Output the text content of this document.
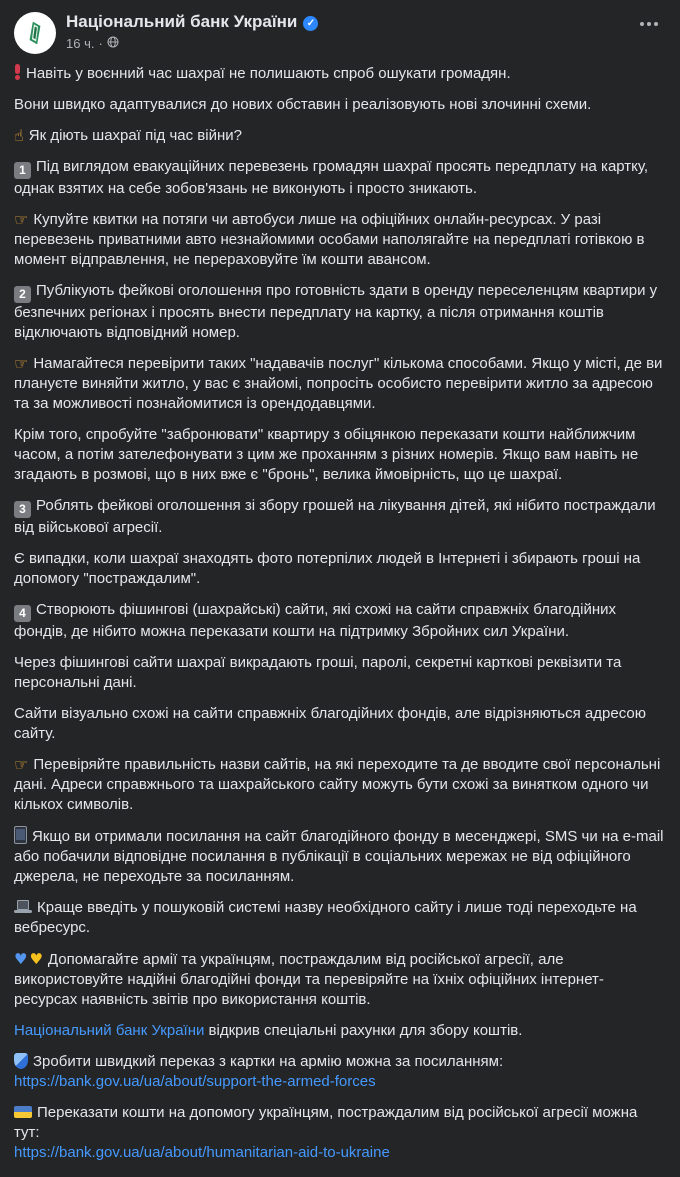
Національний банк України ✓
16 ч. ·

Навіть у воєнний час шахраї не полишають спроб ошукати громадян.

Вони швидко адаптувалися до нових обставин і реалізовують нові злочинні схеми.

☝ Як діють шахраї під час війни?

1 Під виглядом евакуаційних перевезень громадян шахраї просять передплату на картку, однак взятих на себе зобов'язань не виконують і просто зникають.

☞ Купуйте квитки на потяги чи автобуси лише на офіційних онлайн-ресурсах. У разі перевезень приватними авто незнайомими особами наполягайте на передплаті готівкою в момент відправлення, не перераховуйте їм кошти авансом.

2 Публікують фейкові оголошення про готовність здати в оренду переселенцям квартири у безпечних регіонах і просять внести передплату на картку, а після отримання коштів відключають відповідний номер.

☞ Намагайтеся перевірити таких "надавачів послуг" кількома способами. Якщо у місті, де ви плануєте виняйти житло, у вас є знайомі, попросіть особисто перевірити житло за адресою та за можливості познайомитися із орендодавцями.

Крім того, спробуйте "забронювати" квартиру з обіцянкою переказати кошти найближчим часом, а потім зателефонувати з цим же проханням з різних номерів. Якщо вам навіть не згадають в розмові, що в них вже є "бронь", велика ймовірність, що це шахраї.

3 Роблять фейкові оголошення зі збору грошей на лікування дітей, які нібито постраждали від військової агресії.

Є випадки, коли шахраї знаходять фото потерпілих людей в Інтернеті і збирають гроші на допомогу "постраждалим".

4 Створюють фішингові (шахрайські) сайти, які схожі на сайти справжніх благодійних фондів, де нібито можна переказати кошти на підтримку Збройних сил України.

Через фішингові сайти шахраї викрадають гроші, паролі, секретні карткові реквізити та персональні дані.

Сайти візуально схожі на сайти справжніх благодійних фондів, але відрізняються адресою сайту.

☞ Перевіряйте правильність назви сайтів, на які переходите та де вводите свої персональні дані. Адреси справжнього та шахрайського сайту можуть бути схожі за винятком одного чи кількох символів.

Якщо ви отримали посилання на сайт благодійного фонду в месенджері, SMS чи на e-mail або побачили відповідне посилання в публікації в соціальних мережах не від офіційного джерела, не переходьте за посиланням.

Краще введіть у пошуковій системі назву необхідного сайту і лише тоді переходьте на вебресурс.

♥ ♥ Допомагайте армії та українцям, постраждалим від російської агресії, але використовуйте надійні благодійні фонди та перевіряйте на їхніх офіційних інтернет-ресурсах наявність звітів про використання коштів.

Національний банк України відкрив спеціальні рахунки для збору коштів.

Зробити швидкий переказ з картки на армію можна за посиланням:
https://bank.gov.ua/ua/about/support-the-armed-forces

Переказати кошти на допомогу українцям, постраждалим від російської агресії можна тут:
https://bank.gov.ua/ua/about/humanitarian-aid-to-ukraine
